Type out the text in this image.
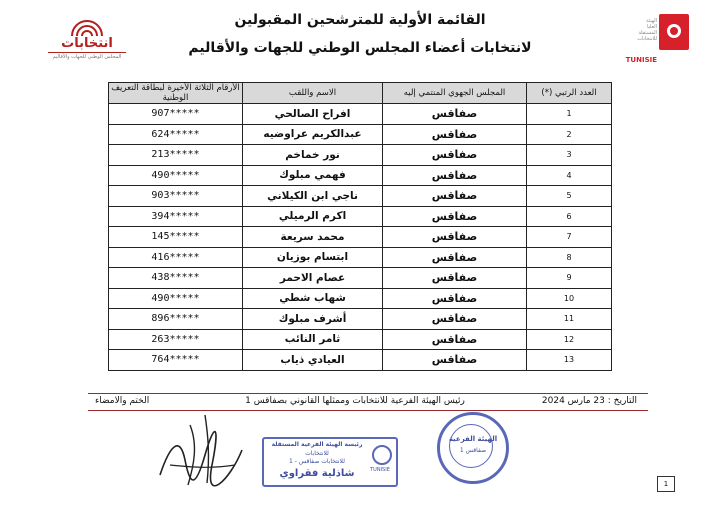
انتخابات
المجلس الوطني للجهات والأقاليم
القائمة الأولية للمترشحين المقبولين
لانتخابات أعضاء المجلس الوطني للجهات والأقاليم
الهيئة
العليا
المستقلة
للانتخابات
TUNISIE
العدد الرتبي (*)	المجلس الجهوي المنتمي إليه	الاسم واللقب	الأرقام الثلاثة الأخيرة لبطاقة التعريف الوطنية
1	صفاقس	افراح الصالحي	907*****
2	صفاقس	عبدالكريم عراوضيه	624*****
3	صفاقس	نور خماخم	213*****
4	صفاقس	فهمي مبلوك	490*****
5	صفاقس	ناجي ابن الكيلاني	903*****
6	صفاقس	اكرم الرميلي	394*****
7	صفاقس	محمد سريعة	145*****
8	صفاقس	ابتسام بوزيان	416*****
9	صفاقس	عصام الاحمر	438*****
10	صفاقس	شهاب شطي	490*****
11	صفاقس	أشرف مبلوك	896*****
12	صفاقس	ثامر النائب	263*****
13	صفاقس	العيادي ذياب	764*****
التاريخ : 23 مارس 2024
رئيس الهيئة الفرعية للانتخابات وممثلها القانوني بصفاقس 1
الختم والامضاء
الهيئة الفرعية
صفاقس 1
رئيسة الهيئة الفرعية المستقلة
للانتخابات
للانتخابات صفاقس - 1
شاذلية فقراوي	TUNISIE
1
